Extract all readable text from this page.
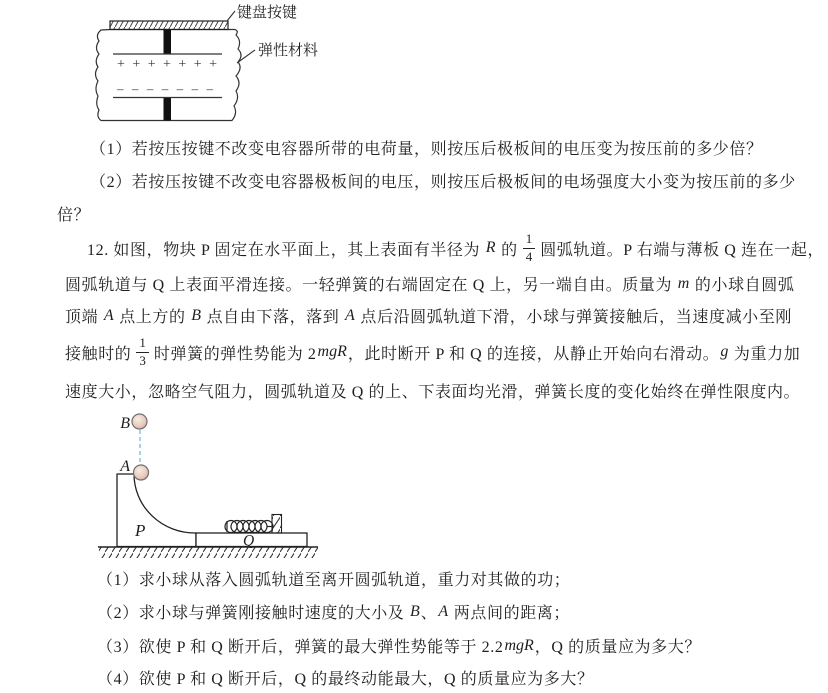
+ + + + + + +
– – – – – – –
键盘按键
弹性材料
（1）若按压按键不改变电容器所带的电荷量，则按压后极板间的电压变为按压前的多少倍？
（2）若按压按键不改变电容器极板间的电压，则按压后极板间的电场强度大小变为按压前的多少
倍？
12. 如图，物块 P 固定在水平面上，其上表面有半径为 R 的 $\frac{1}{4}$ 圆弧轨道。P 右端与薄板 Q 连在一起，
圆弧轨道与 Q 上表面平滑连接。一轻弹簧的右端固定在 Q 上，另一端自由。质量为 m 的小球自圆弧
顶端 A 点上方的 B 点自由下落，落到 A 点后沿圆弧轨道下滑，小球与弹簧接触后，当速度减小至刚
接触时的 $\frac{1}{3}$ 时弹簧的弹性势能为 2 mgR ，此时断开 P 和 Q 的连接，从静止开始向右滑动。 g 为重力加
速度大小，忽略空气阻力，圆弧轨道及 Q 的上、下表面均光滑，弹簧长度的变化始终在弹性限度内。
B
A
P
Q
（1）求小球从落入圆弧轨道至离开圆弧轨道，重力对其做的功；
（2）求小球与弹簧刚接触时速度的大小及 B 、 A 两点间的距离；
（3）欲使 P 和 Q 断开后，弹簧的最大弹性势能等于 2.2 mgR ，Q 的质量应为多大？
（4）欲使 P 和 Q 断开后，Q 的最终动能最大，Q 的质量应为多大？
